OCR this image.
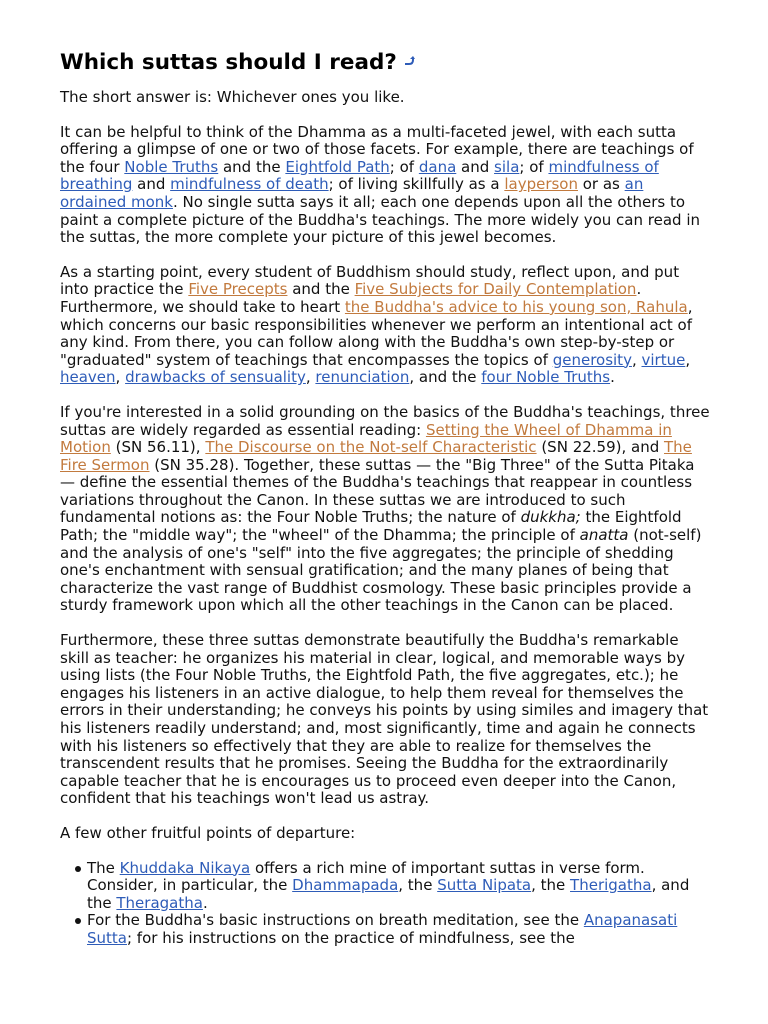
Which suttas should I read?

The short answer is: Whichever ones you like.

It can be helpful to think of the Dhamma as a multi-faceted jewel, with each sutta offering a glimpse of one or two of those facets. For example, there are teachings of the four Noble Truths and the Eightfold Path; of dana and sila; of mindfulness of breathing and mindfulness of death; of living skillfully as a layperson or as an ordained monk. No single sutta says it all; each one depends upon all the others to paint a complete picture of the Buddha's teachings. The more widely you can read in the suttas, the more complete your picture of this jewel becomes.

As a starting point, every student of Buddhism should study, reflect upon, and put into practice the Five Precepts and the Five Subjects for Daily Contemplation. Furthermore, we should take to heart the Buddha's advice to his young son, Rahula, which concerns our basic responsibilities whenever we perform an intentional act of any kind. From there, you can follow along with the Buddha's own step-by-step or "graduated" system of teachings that encompasses the topics of generosity, virtue, heaven, drawbacks of sensuality, renunciation, and the four Noble Truths.

If you're interested in a solid grounding on the basics of the Buddha's teachings, three suttas are widely regarded as essential reading: Setting the Wheel of Dhamma in Motion (SN 56.11), The Discourse on the Not-self Characteristic (SN 22.59), and The Fire Sermon (SN 35.28). Together, these suttas — the "Big Three" of the Sutta Pitaka — define the essential themes of the Buddha's teachings that reappear in countless variations throughout the Canon. In these suttas we are introduced to such fundamental notions as: the Four Noble Truths; the nature of dukkha; the Eightfold Path; the "middle way"; the "wheel" of the Dhamma; the principle of anatta (not-self) and the analysis of one's "self" into the five aggregates; the principle of shedding one's enchantment with sensual gratification; and the many planes of being that characterize the vast range of Buddhist cosmology. These basic principles provide a sturdy framework upon which all the other teachings in the Canon can be placed.

Furthermore, these three suttas demonstrate beautifully the Buddha's remarkable skill as teacher: he organizes his material in clear, logical, and memorable ways by using lists (the Four Noble Truths, the Eightfold Path, the five aggregates, etc.); he engages his listeners in an active dialogue, to help them reveal for themselves the errors in their understanding; he conveys his points by using similes and imagery that his listeners readily understand; and, most significantly, time and again he connects with his listeners so effectively that they are able to realize for themselves the transcendent results that he promises. Seeing the Buddha for the extraordinarily capable teacher that he is encourages us to proceed even deeper into the Canon, confident that his teachings won't lead us astray.

A few other fruitful points of departure:

The Khuddaka Nikaya offers a rich mine of important suttas in verse form. Consider, in particular, the Dhammapada, the Sutta Nipata, the Therigatha, and the Theragatha.
For the Buddha's basic instructions on breath meditation, see the Anapanasati Sutta; for his instructions on the practice of mindfulness, see the
